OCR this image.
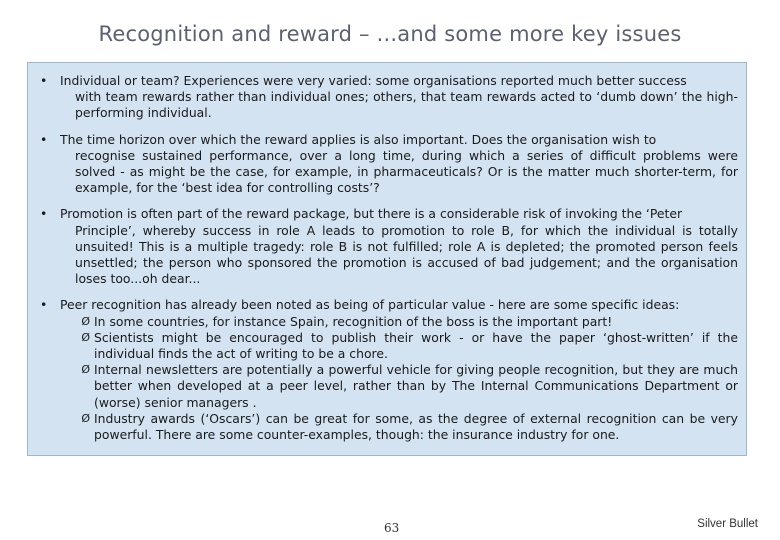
Recognition and reward – ...and some more key issues
•	Individual or team? Experiences were very varied: some organisations reported much better success
with team rewards rather than individual ones; others, that team rewards acted to ‘dumb down’ the high-performing individual.
•	The time horizon over which the reward applies is also important. Does the organisation wish to
recognise sustained performance, over a long time, during which a series of difficult problems were solved - as might be the case, for example, in pharmaceuticals? Or is the matter much shorter-term, for example, for the ‘best idea for controlling costs’?
•	Promotion is often part of the reward package, but there is a considerable risk of invoking the ‘Peter
Principle’, whereby success in role A leads to promotion to role B, for which the individual is totally unsuited! This is a multiple tragedy: role B is not fulfilled; role A is depleted; the promoted person feels unsettled; the person who sponsored the promotion is accused of bad judgement; and the organisation loses too...oh dear...
•	Peer recognition has already been noted as being of particular value - here are some specific ideas:
Ø In some countries, for instance Spain, recognition of the boss is the important part!
Ø Scientists might be encouraged to publish their work - or have the paper ‘ghost-written’ if the individual finds the act of writing to be a chore.
Ø Internal newsletters are potentially a powerful vehicle for giving people recognition, but they are much better when developed at a peer level, rather than by The Internal Communications Department or (worse) senior managers .
Ø Industry awards (‘Oscars’) can be great for some, as the degree of external recognition can be very powerful. There are some counter-examples, though: the insurance industry for one.
63	Silver Bullet
